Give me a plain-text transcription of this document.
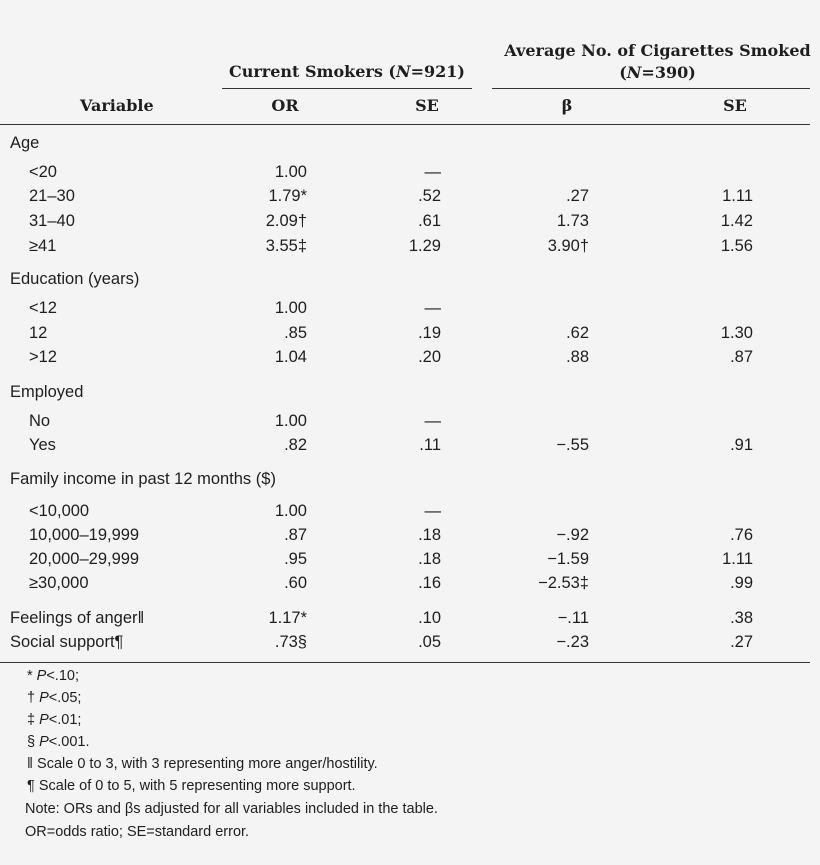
Current Smokers (N=921)
Average No. of Cigarettes Smoked
(N=390)
Variable	OR	SE	β	SE
Age
<20	1.00	—
21–30	1.79*	.52	.27	1.11
31–40	2.09†	.61	1.73	1.42
≥41	3.55‡	1.29	3.90†	1.56
Education (years)
<12	1.00	—
12	.85	.19	.62	1.30
>12	1.04	.20	.88	.87
Employed
No	1.00	—
Yes	.82	.11	−.55	.91
Family income in past 12 months ($)
<10,000	1.00	—
10,000–19,999	.87	.18	−.92	.76
20,000–29,999	.95	.18	−1.59	1.11
≥30,000	.60	.16	−2.53‡	.99
Feelings of anger‖	1.17*	.10	−.11	.38
Social support¶	.73§	.05	−.23	.27
* P<.10;
† P<.05;
‡ P<.01;
§ P<.001.
‖ Scale 0 to 3, with 3 representing more anger/hostility.
¶ Scale of 0 to 5, with 5 representing more support.
Note: ORs and βs adjusted for all variables included in the table.
OR=odds ratio; SE=standard error.
